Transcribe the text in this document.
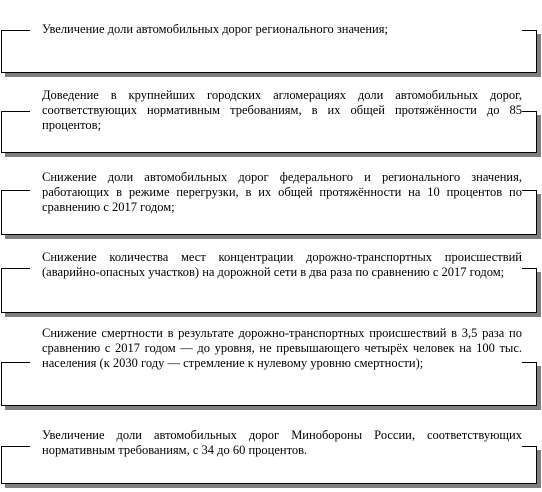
Увеличение доли автомобильных дорог регионального значения;
Доведение в крупнейших городских агломерациях доли автомобильных дорог, соответствующих нормативным требованиям, в их общей протяжённости до 85 процентов;
Снижение доли автомобильных дорог федерального и регионального значения, работающих в режиме перегрузки, в их общей протяжённости на 10 процентов по сравнению с 2017 годом;
Снижение количества мест концентрации дорожно-транспортных происшествий (аварийно-опасных участков) на дорожной сети в два раза по сравнению с 2017 годом;
Снижение смертности в результате дорожно-транспортных происшествий в 3,5 раза по сравнению с 2017 годом — до уровня, не превышающего четырёх человек на 100 тыс. населения (к 2030 году — стремление к нулевому уровню смертности);
Увеличение доли автомобильных дорог Минобороны России, соответствующих нормативным требованиям, с 34 до 60 процентов.
